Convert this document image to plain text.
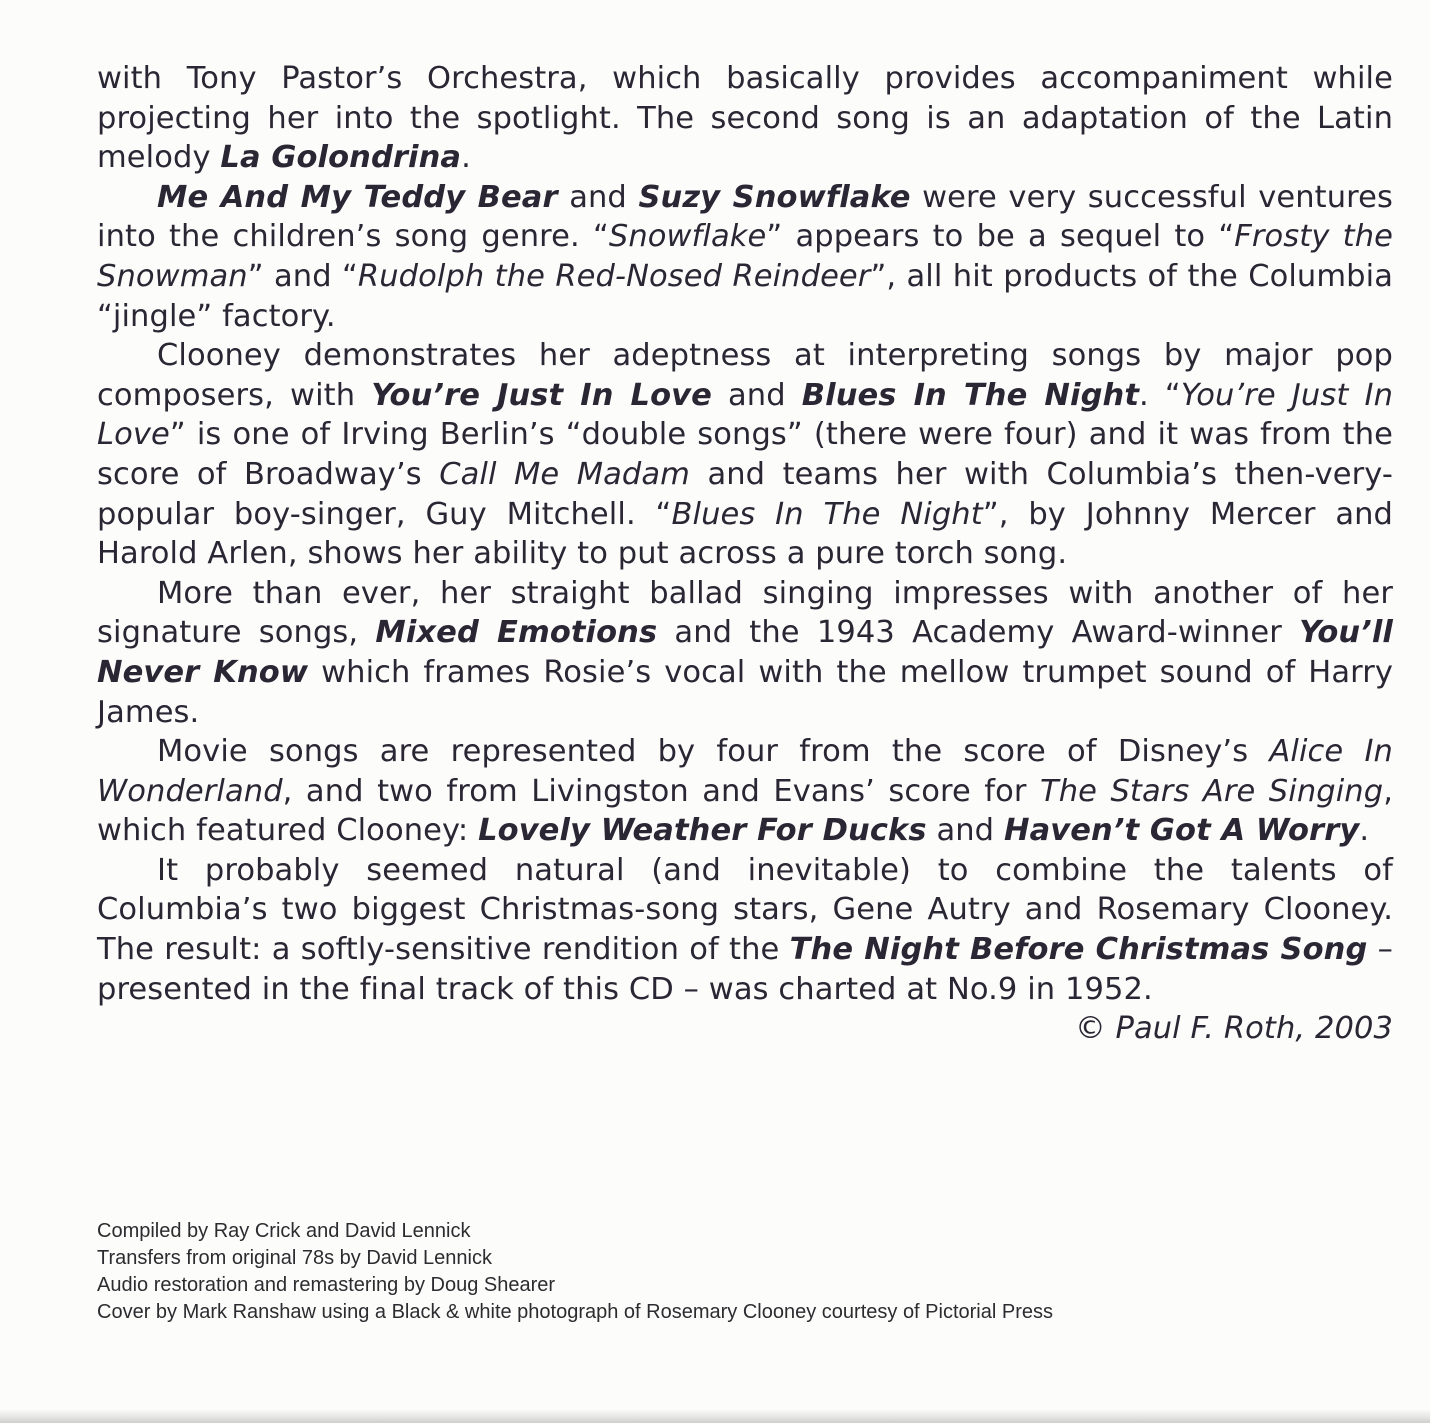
with Tony Pastor’s Orchestra, which basically provides accompaniment while projecting her into the spotlight. The second song is an adaptation of the Latin melody La Golondrina.

Me And My Teddy Bear and Suzy Snowflake were very successful ventures into the children’s song genre. “Snowflake” appears to be a sequel to “Frosty the Snowman” and “Rudolph the Red-Nosed Reindeer”, all hit products of the Columbia “jingle” factory.

Clooney demonstrates her adeptness at interpreting songs by major pop composers, with You’re Just In Love and Blues In The Night. “You’re Just In Love” is one of Irving Berlin’s “double songs” (there were four) and it was from the score of Broadway’s Call Me Madam and teams her with Columbia’s then-very-popular boy-singer, Guy Mitchell. “Blues In The Night”, by Johnny Mercer and Harold Arlen, shows her ability to put across a pure torch song.

More than ever, her straight ballad singing impresses with another of her signature songs, Mixed Emotions and the 1943 Academy Award-winner You’ll Never Know which frames Rosie’s vocal with the mellow trumpet sound of Harry James.

Movie songs are represented by four from the score of Disney’s Alice In Wonderland, and two from Livingston and Evans’ score for The Stars Are Singing, which featured Clooney: Lovely Weather For Ducks and Haven’t Got A Worry.

It probably seemed natural (and inevitable) to combine the talents of Columbia’s two biggest Christmas-song stars, Gene Autry and Rosemary Clooney. The result: a softly-sensitive rendition of the The Night Before Christmas Song – presented in the final track of this CD – was charted at No.9 in 1952.

© Paul F. Roth, 2003

Compiled by Ray Crick and David Lennick
Transfers from original 78s by David Lennick
Audio restoration and remastering by Doug Shearer
Cover by Mark Ranshaw using a Black & white photograph of Rosemary Clooney courtesy of Pictorial Press
